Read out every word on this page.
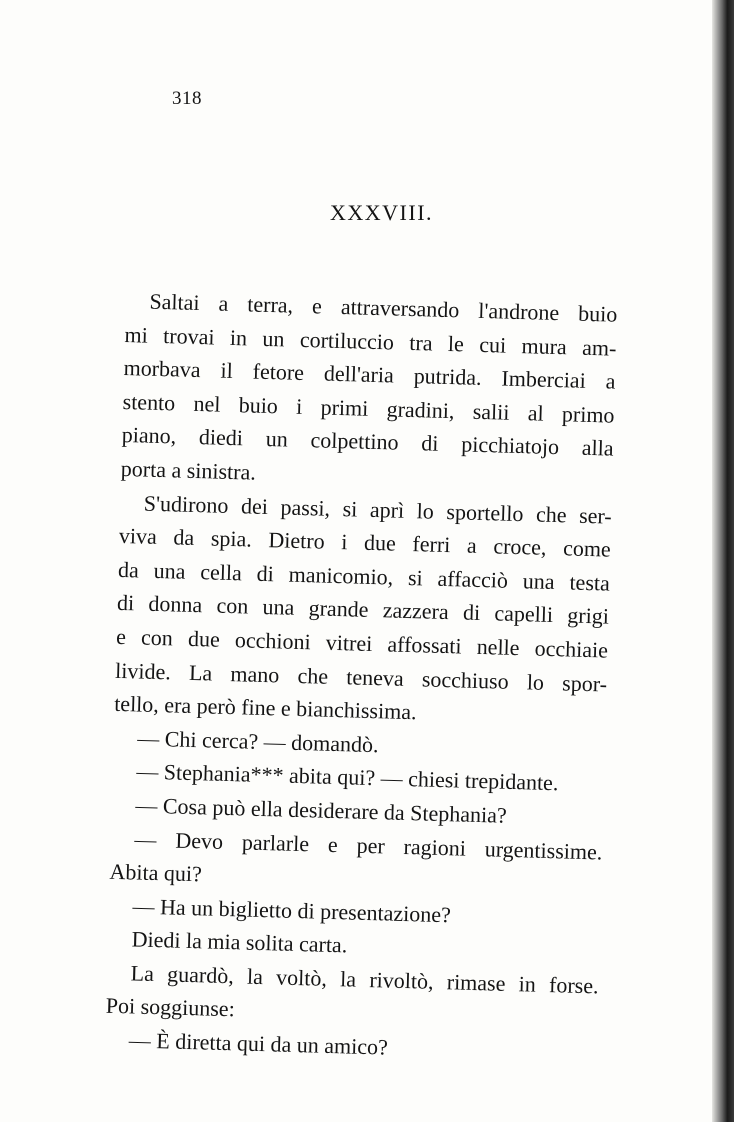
318
XXXVIII.
Saltai a terra, e attraversando l'androne buio
mi trovai in un cortiluccio tra le cui mura am-
morbava il fetore dell'aria putrida. Imberciai a
stento nel buio i primi gradini, salii al primo
piano, diedi un colpettino di picchiatojo alla
porta a sinistra.
S'udirono dei passi, si aprì lo sportello che ser-
viva da spia. Dietro i due ferri a croce, come
da una cella di manicomio, si affacciò una testa
di donna con una grande zazzera di capelli grigi
e con due occhioni vitrei affossati nelle occhiaie
livide. La mano che teneva socchiuso lo spor-
tello, era però fine e bianchissima.
— Chi cerca? — domandò.
— Stephania*** abita qui? — chiesi trepidante.
— Cosa può ella desiderare da Stephania?
— Devo parlarle e per ragioni urgentissime.
Abita qui?
— Ha un biglietto di presentazione?
Diedi la mia solita carta.
La guardò, la voltò, la rivoltò, rimase in forse.
Poi soggiunse:
— È diretta qui da un amico?
